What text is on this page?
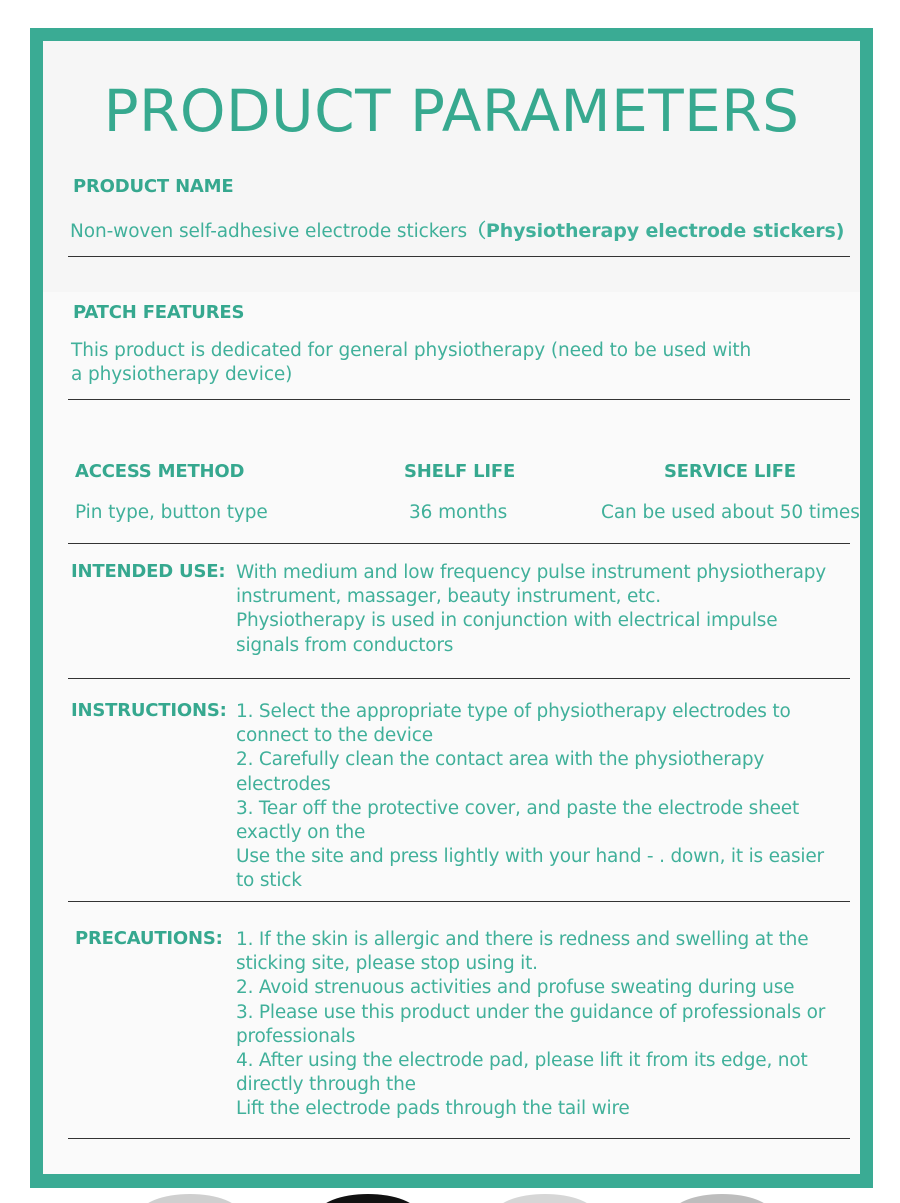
PRODUCT PARAMETERS
PRODUCT NAME
Non-woven self-adhesive electrode stickers（Physiotherapy electrode stickers)
PATCH FEATURES
This product is dedicated for general physiotherapy (need to be used with
a physiotherapy device)
ACCESS METHOD
Pin type, button type
SHELF LIFE
36 months
SERVICE LIFE
Can be used about 50 times
INTENDED USE: With medium and low frequency pulse instrument physiotherapy
instrument, massager, beauty instrument, etc.
Physiotherapy is used in conjunction with electrical impulse
signals from conductors
INSTRUCTIONS: 1. Select the appropriate type of physiotherapy electrodes to
connect to the device
2. Carefully clean the contact area with the physiotherapy
electrodes
3. Tear off the protective cover, and paste the electrode sheet
exactly on the
Use the site and press lightly with your hand - . down, it is easier
to stick
PRECAUTIONS: 1. If the skin is allergic and there is redness and swelling at the
sticking site, please stop using it.
2. Avoid strenuous activities and profuse sweating during use
3. Please use this product under the guidance of professionals or
professionals
4. After using the electrode pad, please lift it from its edge, not
directly through the
Lift the electrode pads through the tail wire
